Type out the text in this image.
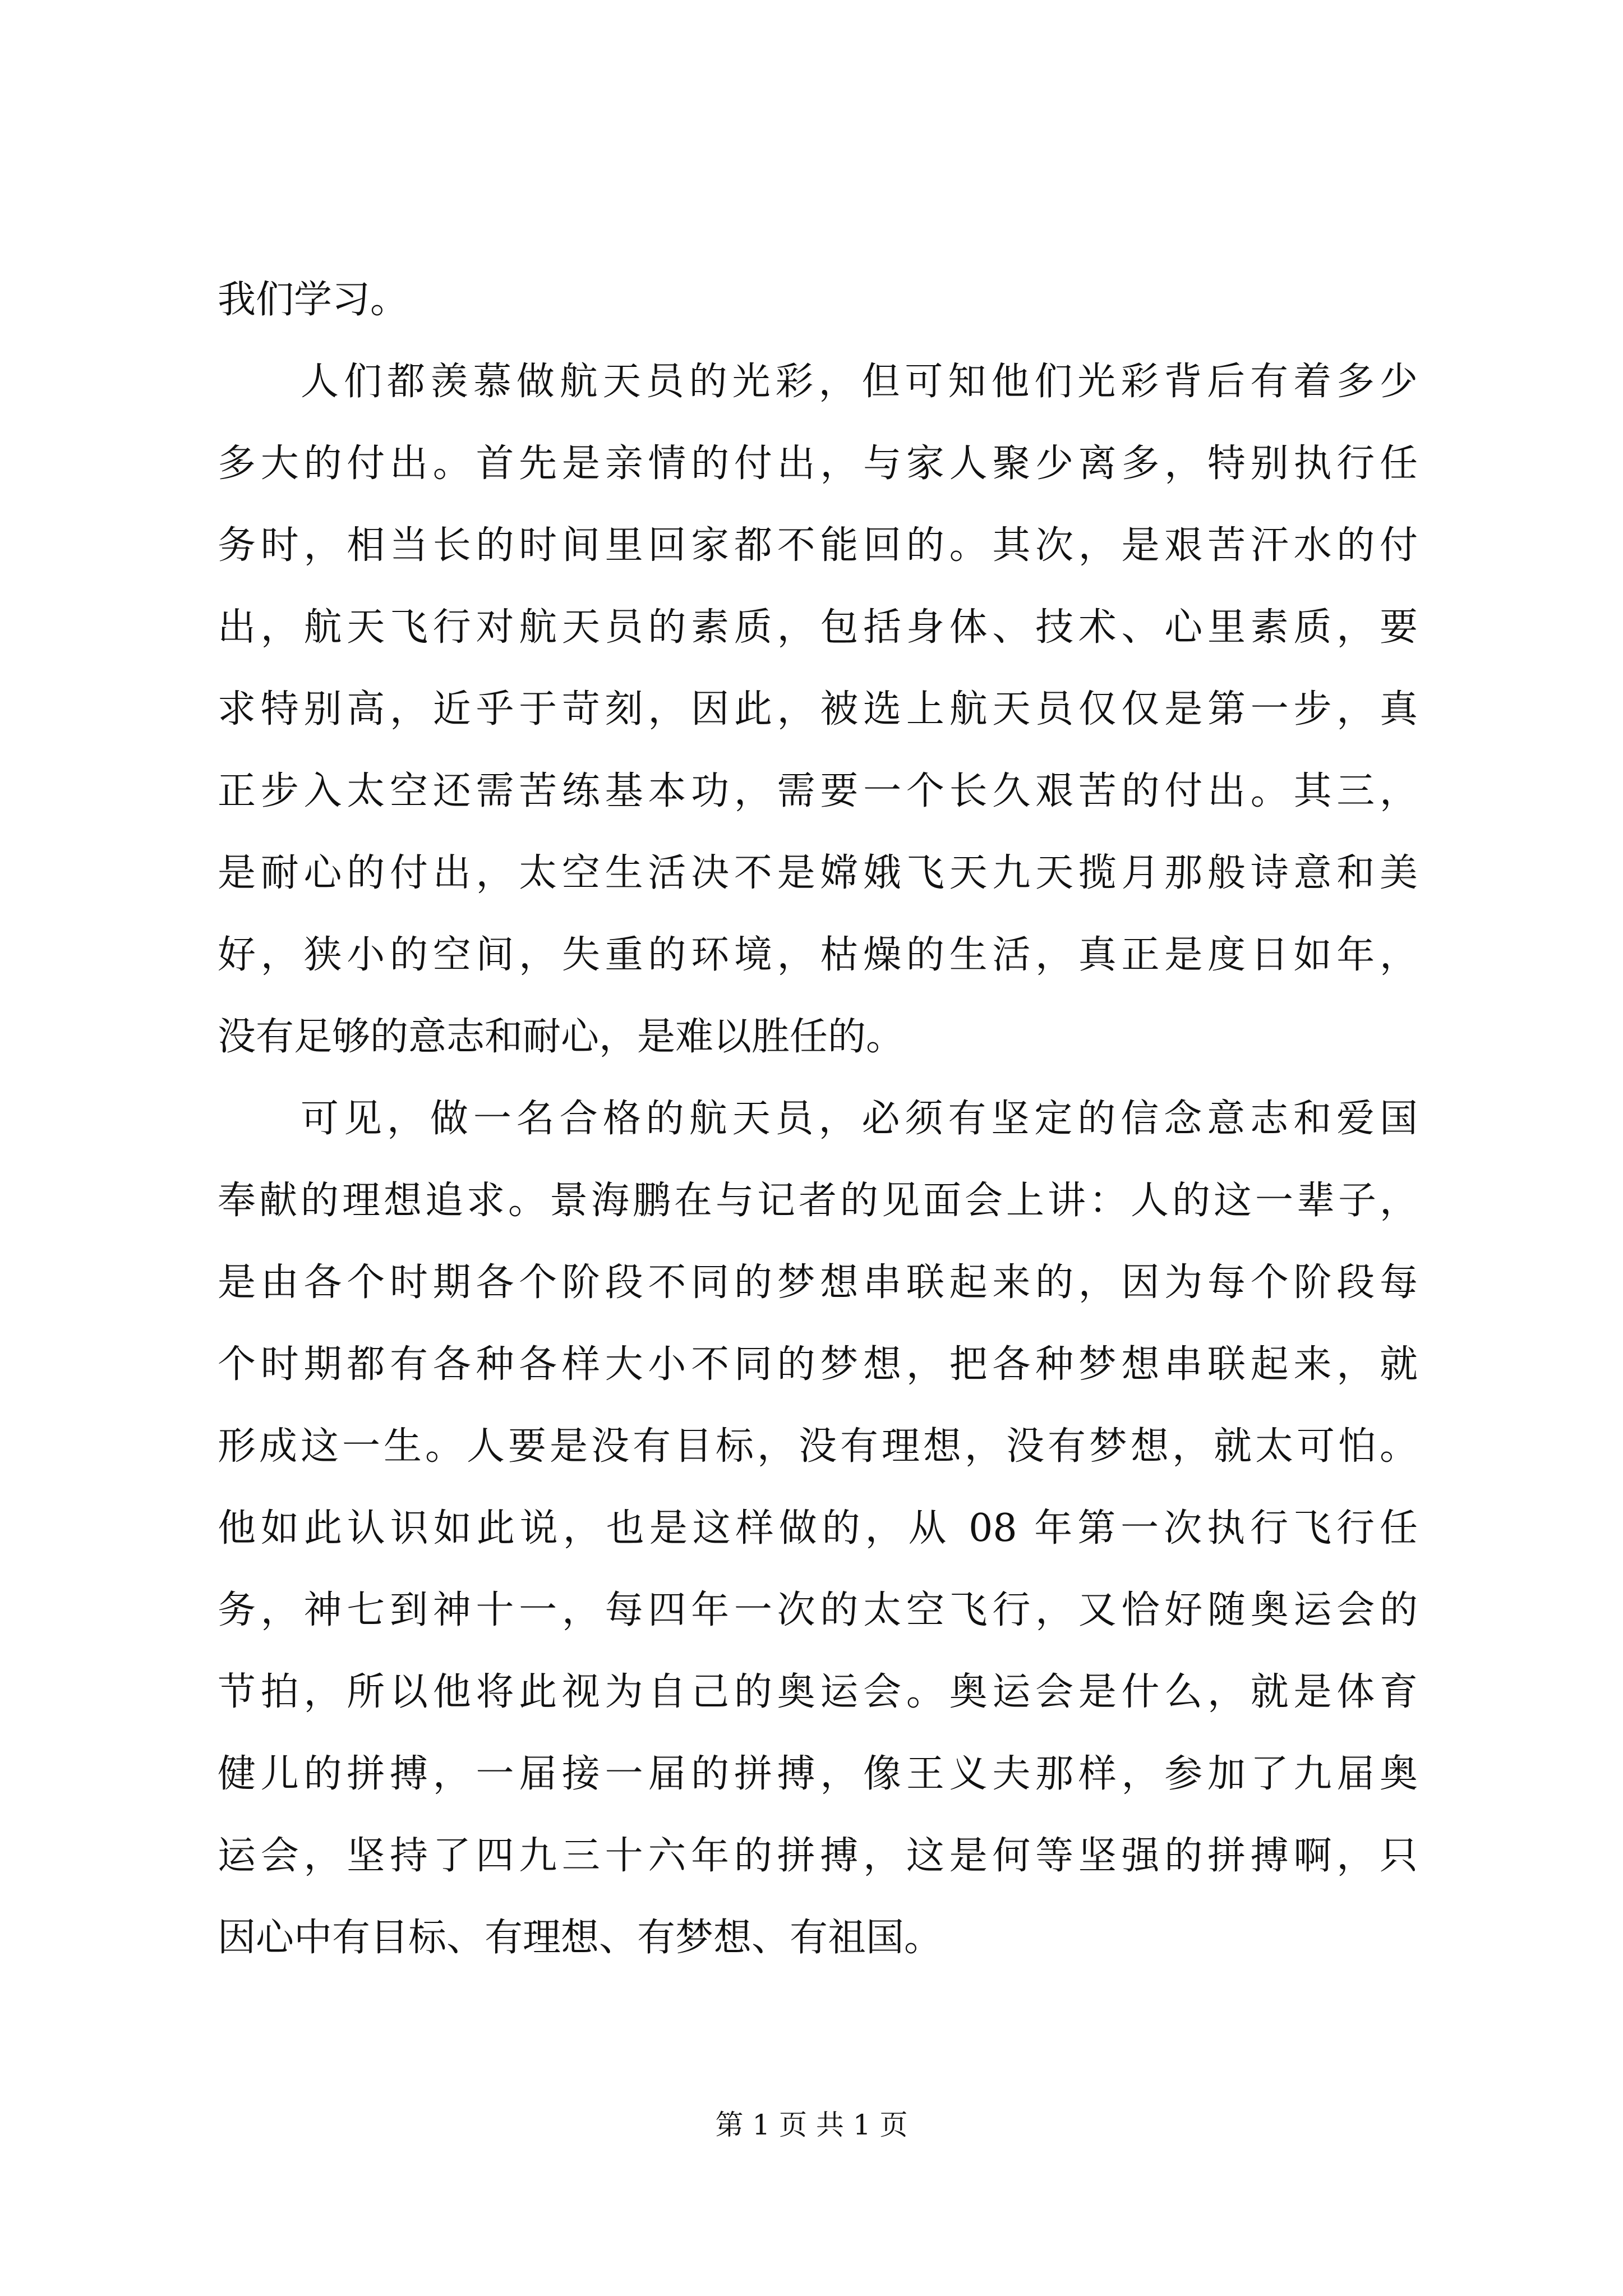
我们学习。
人们都羡慕做航天员的光彩，但可知他们光彩背后有着多少
多大的付出。首先是亲情的付出，与家人聚少离多，特别执行任
务时，相当长的时间里回家都不能回的。其次，是艰苦汗水的付
出，航天飞行对航天员的素质，包括身体、技术、心里素质，要
求特别高，近乎于苛刻，因此，被选上航天员仅仅是第一步，真
正步入太空还需苦练基本功，需要一个长久艰苦的付出。其三，
是耐心的付出，太空生活决不是嫦娥飞天九天揽月那般诗意和美
好，狭小的空间，失重的环境，枯燥的生活，真正是度日如年，
没有足够的意志和耐心，是难以胜任的。
可见，做一名合格的航天员，必须有坚定的信念意志和爱国
奉献的理想追求。景海鹏在与记者的见面会上讲：人的这一辈子，
是由各个时期各个阶段不同的梦想串联起来的，因为每个阶段每
个时期都有各种各样大小不同的梦想，把各种梦想串联起来，就
形成这一生。人要是没有目标，没有理想，没有梦想，就太可怕。
他如此认识如此说，也是这样做的，从 08 年第一次执行飞行任
务，神七到神十一，每四年一次的太空飞行，又恰好随奥运会的
节拍，所以他将此视为自己的奥运会。奥运会是什么，就是体育
健儿的拼搏，一届接一届的拼搏，像王义夫那样，参加了九届奥
运会，坚持了四九三十六年的拼搏，这是何等坚强的拼搏啊，只
因心中有目标、有理想、有梦想、有祖国。
第 1 页 共 1 页
